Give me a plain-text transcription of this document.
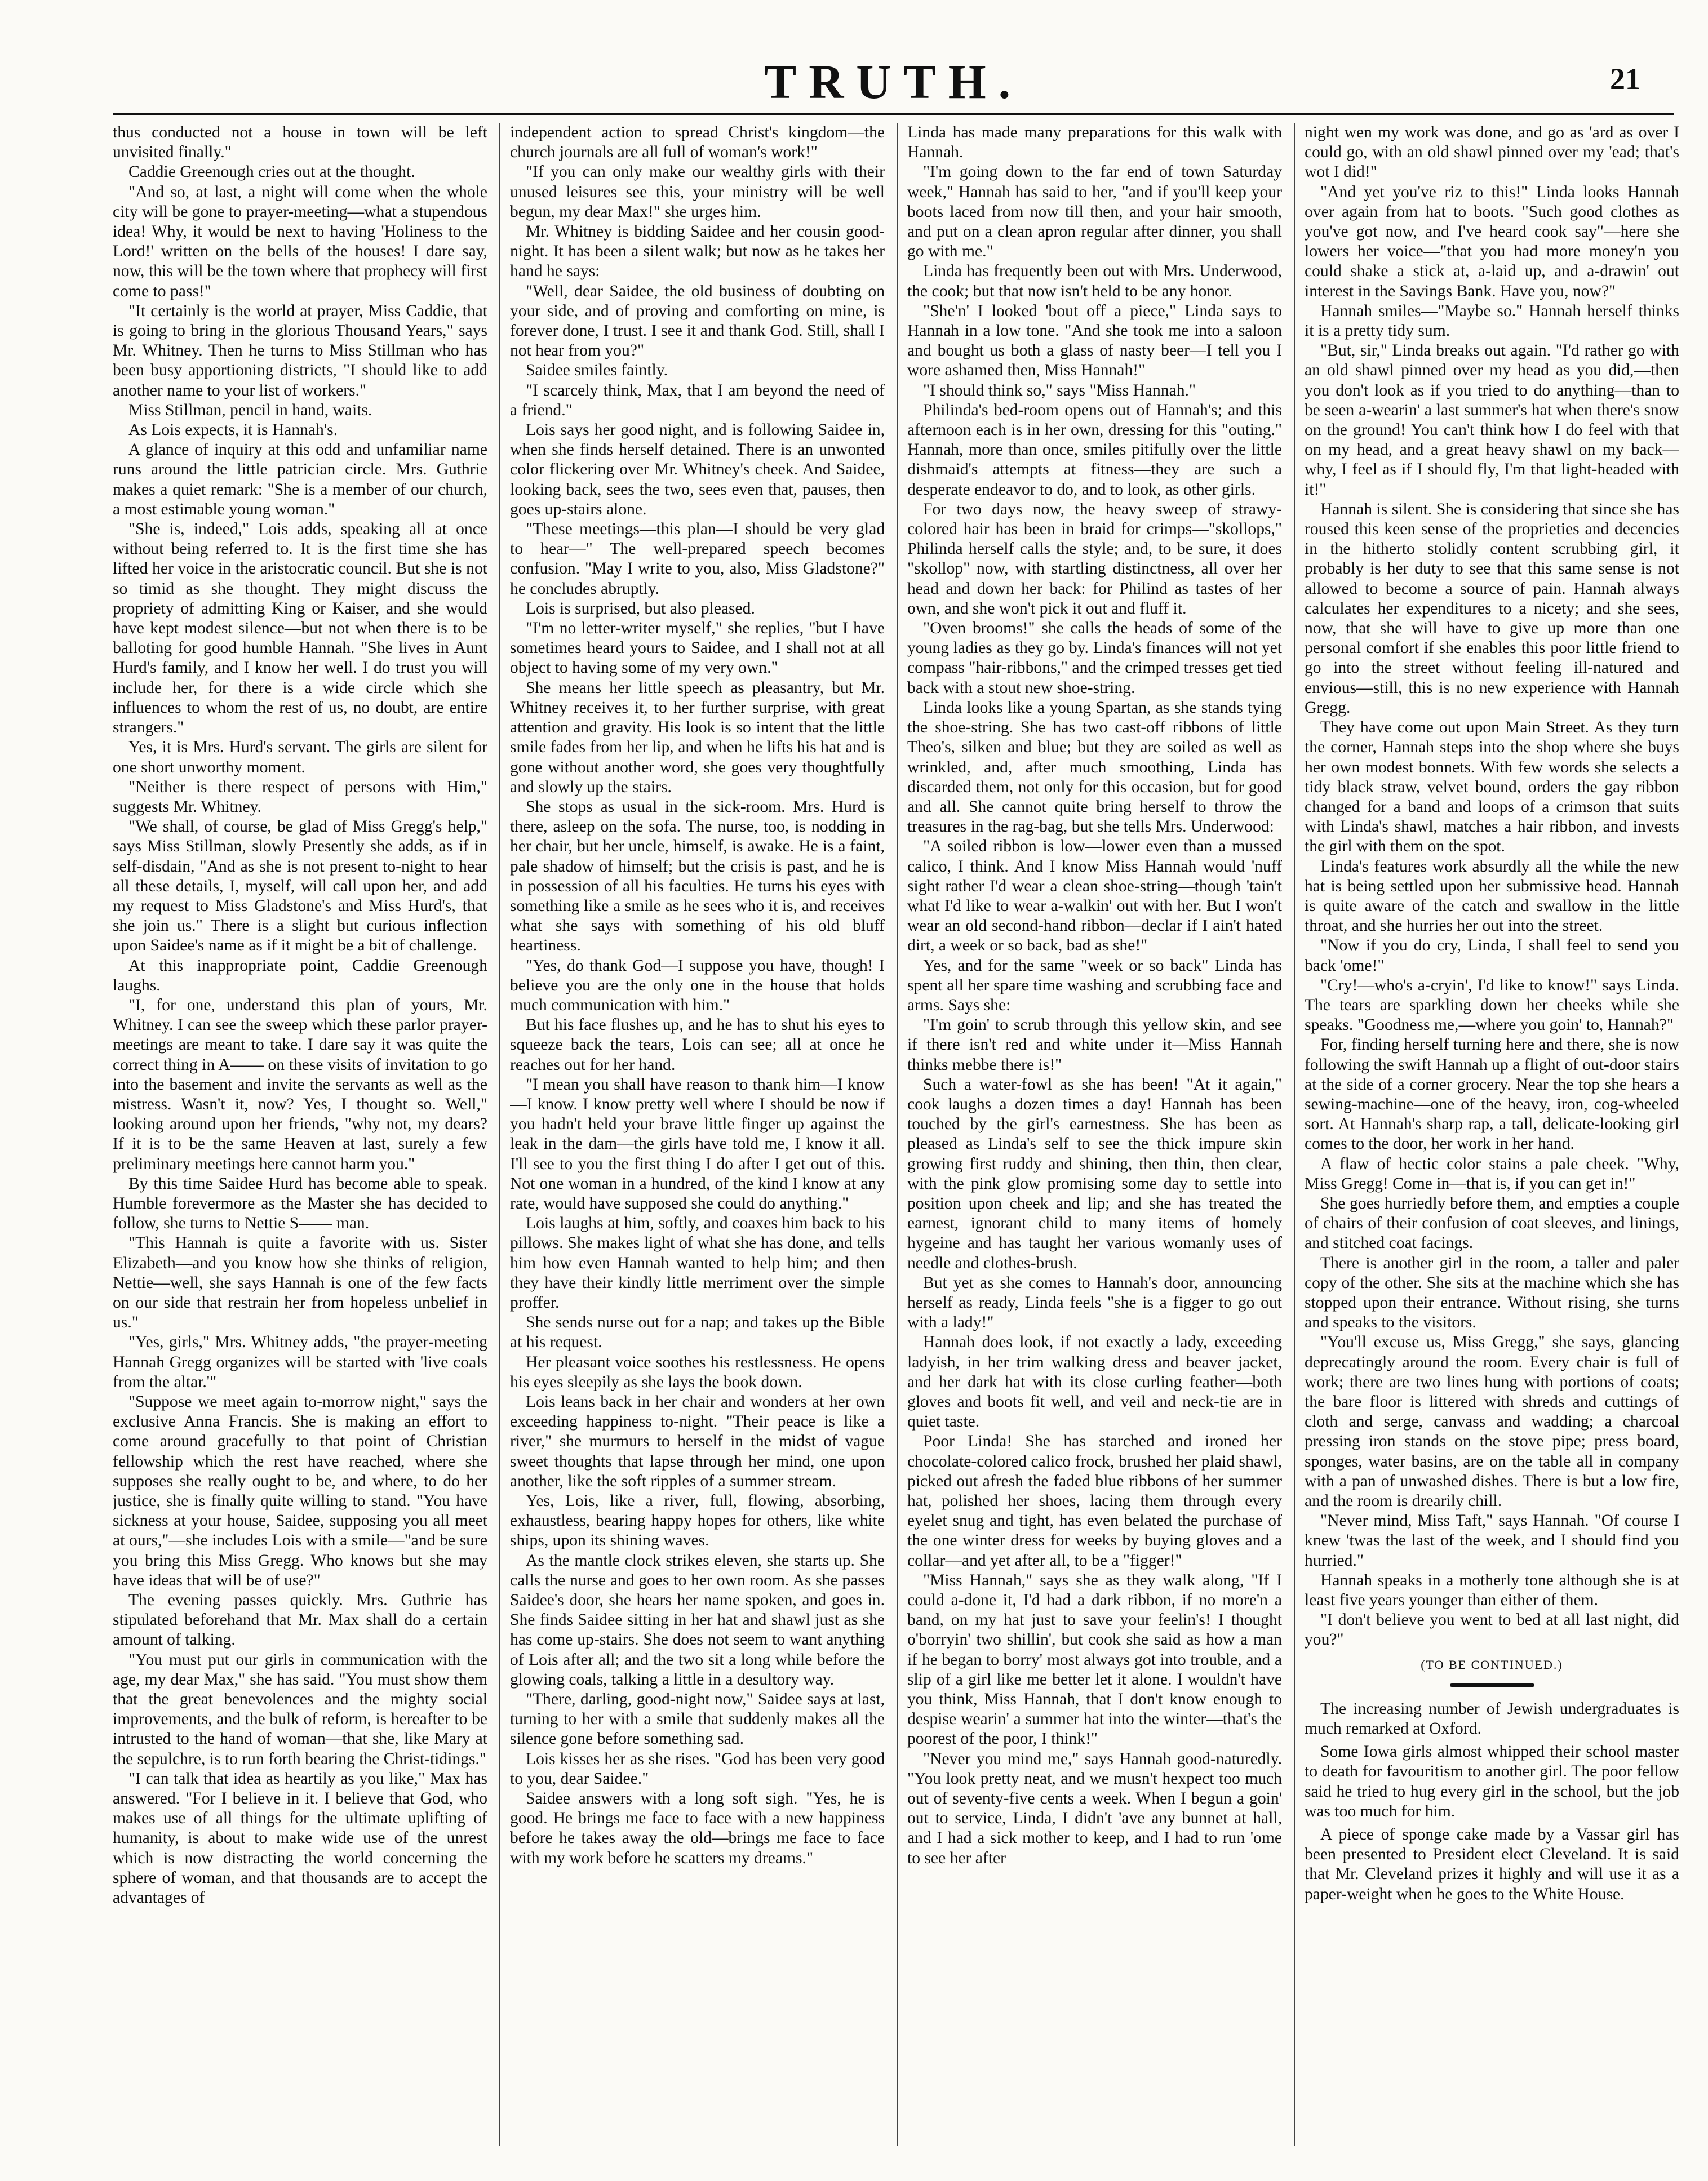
TRUTH.	21

thus conducted not a house in town will be left unvisited finally."

Caddie Greenough cries out at the thought.

"And so, at last, a night will come when the whole city will be gone to prayer-meeting—what a stupendous idea! Why, it would be next to having 'Holiness to the Lord!' written on the bells of the houses! I dare say, now, this will be the town where that prophecy will first come to pass!"

"It certainly is the world at prayer, Miss Caddie, that is going to bring in the glorious Thousand Years," says Mr. Whitney. Then he turns to Miss Stillman who has been busy apportioning districts, "I should like to add another name to your list of workers."

Miss Stillman, pencil in hand, waits.

As Lois expects, it is Hannah's.

A glance of inquiry at this odd and unfamiliar name runs around the little patrician circle. Mrs. Guthrie makes a quiet remark: "She is a member of our church, a most estimable young woman."

"She is, indeed," Lois adds, speaking all at once without being referred to. It is the first time she has lifted her voice in the aristocratic council. But she is not so timid as she thought. They might discuss the propriety of admitting King or Kaiser, and she would have kept modest silence—but not when there is to be balloting for good humble Hannah. "She lives in Aunt Hurd's family, and I know her well. I do trust you will include her, for there is a wide circle which she influences to whom the rest of us, no doubt, are entire strangers."

Yes, it is Mrs. Hurd's servant. The girls are silent for one short unworthy moment.

"Neither is there respect of persons with Him," suggests Mr. Whitney.

"We shall, of course, be glad of Miss Gregg's help," says Miss Stillman, slowly Presently she adds, as if in self-disdain, "And as she is not present to-night to hear all these details, I, myself, will call upon her, and add my request to Miss Gladstone's and Miss Hurd's, that she join us." There is a slight but curious inflection upon Saidee's name as if it might be a bit of challenge.

At this inappropriate point, Caddie Greenough laughs.

"I, for one, understand this plan of yours, Mr. Whitney. I can see the sweep which these parlor prayer-meetings are meant to take. I dare say it was quite the correct thing in A—— on these visits of invitation to go into the basement and invite the servants as well as the mistress. Wasn't it, now? Yes, I thought so. Well," looking around upon her friends, "why not, my dears? If it is to be the same Heaven at last, surely a few preliminary meetings here cannot harm you."

By this time Saidee Hurd has become able to speak. Humble forevermore as the Master she has decided to follow, she turns to Nettie S—— man.

"This Hannah is quite a favorite with us. Sister Elizabeth—and you know how she thinks of religion, Nettie—well, she says Hannah is one of the few facts on our side that restrain her from hopeless unbelief in us."

"Yes, girls," Mrs. Whitney adds, "the prayer-meeting Hannah Gregg organizes will be started with 'live coals from the altar.'"

"Suppose we meet again to-morrow night," says the exclusive Anna Francis. She is making an effort to come around gracefully to that point of Christian fellowship which the rest have reached, where she supposes she really ought to be, and where, to do her justice, she is finally quite willing to stand. "You have sickness at your house, Saidee, supposing you all meet at ours,"—she includes Lois with a smile—"and be sure you bring this Miss Gregg. Who knows but she may have ideas that will be of use?"

The evening passes quickly. Mrs. Guthrie has stipulated beforehand that Mr. Max shall do a certain amount of talking.

"You must put our girls in communication with the age, my dear Max," she has said. "You must show them that the great benevolences and the mighty social improvements, and the bulk of reform, is hereafter to be intrusted to the hand of woman—that she, like Mary at the sepulchre, is to run forth bearing the Christ-tidings."

"I can talk that idea as heartily as you like," Max has answered. "For I believe in it. I believe that God, who makes use of all things for the ultimate uplifting of humanity, is about to make wide use of the unrest which is now distracting the world concerning the sphere of woman, and that thousands are to accept the advantages of

independent action to spread Christ's kingdom—the church journals are all full of woman's work!"

"If you can only make our wealthy girls with their unused leisures see this, your ministry will be well begun, my dear Max!" she urges him.

Mr. Whitney is bidding Saidee and her cousin good-night. It has been a silent walk; but now as he takes her hand he says:

"Well, dear Saidee, the old business of doubting on your side, and of proving and comforting on mine, is forever done, I trust. I see it and thank God. Still, shall I not hear from you?"

Saidee smiles faintly.

"I scarcely think, Max, that I am beyond the need of a friend."

Lois says her good night, and is following Saidee in, when she finds herself detained. There is an unwonted color flickering over Mr. Whitney's cheek. And Saidee, looking back, sees the two, sees even that, pauses, then goes up-stairs alone.

"These meetings—this plan—I should be very glad to hear—" The well-prepared speech becomes confusion. "May I write to you, also, Miss Gladstone?" he concludes abruptly.

Lois is surprised, but also pleased.

"I'm no letter-writer myself," she replies, "but I have sometimes heard yours to Saidee, and I shall not at all object to having some of my very own."

She means her little speech as pleasantry, but Mr. Whitney receives it, to her further surprise, with great attention and gravity. His look is so intent that the little smile fades from her lip, and when he lifts his hat and is gone without another word, she goes very thoughtfully and slowly up the stairs.

She stops as usual in the sick-room. Mrs. Hurd is there, asleep on the sofa. The nurse, too, is nodding in her chair, but her uncle, himself, is awake. He is a faint, pale shadow of himself; but the crisis is past, and he is in possession of all his faculties. He turns his eyes with something like a smile as he sees who it is, and receives what she says with something of his old bluff heartiness.

"Yes, do thank God—I suppose you have, though! I believe you are the only one in the house that holds much communication with him."

But his face flushes up, and he has to shut his eyes to squeeze back the tears, Lois can see; all at once he reaches out for her hand.

"I mean you shall have reason to thank him—I know—I know. I know pretty well where I should be now if you hadn't held your brave little finger up against the leak in the dam—the girls have told me, I know it all. I'll see to you the first thing I do after I get out of this. Not one woman in a hundred, of the kind I know at any rate, would have supposed she could do anything."

Lois laughs at him, softly, and coaxes him back to his pillows. She makes light of what she has done, and tells him how even Hannah wanted to help him; and then they have their kindly little merriment over the simple proffer.

She sends nurse out for a nap; and takes up the Bible at his request.

Her pleasant voice soothes his restlessness. He opens his eyes sleepily as she lays the book down.

Lois leans back in her chair and wonders at her own exceeding happiness to-night. "Their peace is like a river," she murmurs to herself in the midst of vague sweet thoughts that lapse through her mind, one upon another, like the soft ripples of a summer stream.

Yes, Lois, like a river, full, flowing, absorbing, exhaustless, bearing happy hopes for others, like white ships, upon its shining waves.

As the mantle clock strikes eleven, she starts up. She calls the nurse and goes to her own room. As she passes Saidee's door, she hears her name spoken, and goes in. She finds Saidee sitting in her hat and shawl just as she has come up-stairs. She does not seem to want anything of Lois after all; and the two sit a long while before the glowing coals, talking a little in a desultory way.

"There, darling, good-night now," Saidee says at last, turning to her with a smile that suddenly makes all the silence gone before something sad.

Lois kisses her as she rises. "God has been very good to you, dear Saidee."

Saidee answers with a long soft sigh. "Yes, he is good. He brings me face to face with a new happiness before he takes away the old—brings me face to face with my work before he scatters my dreams."

Linda has made many preparations for this walk with Hannah.

"I'm going down to the far end of town Saturday week," Hannah has said to her, "and if you'll keep your boots laced from now till then, and your hair smooth, and put on a clean apron regular after dinner, you shall go with me."

Linda has frequently been out with Mrs. Underwood, the cook; but that now isn't held to be any honor.

"She'n' I looked 'bout off a piece," Linda says to Hannah in a low tone. "And she took me into a saloon and bought us both a glass of nasty beer—I tell you I wore ashamed then, Miss Hannah!"

"I should think so," says "Miss Hannah."

Philinda's bed-room opens out of Hannah's; and this afternoon each is in her own, dressing for this "outing." Hannah, more than once, smiles pitifully over the little dishmaid's attempts at fitness—they are such a desperate endeavor to do, and to look, as other girls.

For two days now, the heavy sweep of strawy-colored hair has been in braid for crimps—"skollops," Philinda herself calls the style; and, to be sure, it does "skollop" now, with startling distinctness, all over her head and down her back: for Philind as tastes of her own, and she won't pick it out and fluff it.

"Oven brooms!" she calls the heads of some of the young ladies as they go by. Linda's finances will not yet compass "hair-ribbons," and the crimped tresses get tied back with a stout new shoe-string.

Linda looks like a young Spartan, as she stands tying the shoe-string. She has two cast-off ribbons of little Theo's, silken and blue; but they are soiled as well as wrinkled, and, after much smoothing, Linda has discarded them, not only for this occasion, but for good and all. She cannot quite bring herself to throw the treasures in the rag-bag, but she tells Mrs. Underwood:

"A soiled ribbon is low—lower even than a mussed calico, I think. And I know Miss Hannah would 'nuff sight rather I'd wear a clean shoe-string—though 'tain't what I'd like to wear a-walkin' out with her. But I won't wear an old second-hand ribbon—declar if I ain't hated dirt, a week or so back, bad as she!"

Yes, and for the same "week or so back" Linda has spent all her spare time washing and scrubbing face and arms. Says she:

"I'm goin' to scrub through this yellow skin, and see if there isn't red and white under it—Miss Hannah thinks mebbe there is!"

Such a water-fowl as she has been! "At it again," cook laughs a dozen times a day! Hannah has been touched by the girl's earnestness. She has been as pleased as Linda's self to see the thick impure skin growing first ruddy and shining, then thin, then clear, with the pink glow promising some day to settle into position upon cheek and lip; and she has treated the earnest, ignorant child to many items of homely hygeine and has taught her various womanly uses of needle and clothes-brush.

But yet as she comes to Hannah's door, announcing herself as ready, Linda feels "she is a figger to go out with a lady!"

Hannah does look, if not exactly a lady, exceeding ladyish, in her trim walking dress and beaver jacket, and her dark hat with its close curling feather—both gloves and boots fit well, and veil and neck-tie are in quiet taste.

Poor Linda! She has starched and ironed her chocolate-colored calico frock, brushed her plaid shawl, picked out afresh the faded blue ribbons of her summer hat, polished her shoes, lacing them through every eyelet snug and tight, has even belated the purchase of the one winter dress for weeks by buying gloves and a collar—and yet after all, to be a "figger!"

"Miss Hannah," says she as they walk along, "If I could a-done it, I'd had a dark ribbon, if no more'n a band, on my hat just to save your feelin's! I thought o'borryin' two shillin', but cook she said as how a man if he began to borry' most always got into trouble, and a slip of a girl like me better let it alone. I wouldn't have you think, Miss Hannah, that I don't know enough to despise wearin' a summer hat into the winter—that's the poorest of the poor, I think!"

"Never you mind me," says Hannah good-naturedly. "You look pretty neat, and we musn't hexpect too much out of seventy-five cents a week. When I begun a goin' out to service, Linda, I didn't 'ave any bunnet at hall, and I had a sick mother to keep, and I had to run 'ome to see her after

night wen my work was done, and go as 'ard as over I could go, with an old shawl pinned over my 'ead; that's wot I did!"

"And yet you've riz to this!" Linda looks Hannah over again from hat to boots. "Such good clothes as you've got now, and I've heard cook say"—here she lowers her voice—"that you had more money'n you could shake a stick at, a-laid up, and a-drawin' out interest in the Savings Bank. Have you, now?"

Hannah smiles—"Maybe so." Hannah herself thinks it is a pretty tidy sum.

"But, sir," Linda breaks out again. "I'd rather go with an old shawl pinned over my head as you did,—then you don't look as if you tried to do anything—than to be seen a-wearin' a last summer's hat when there's snow on the ground! You can't think how I do feel with that on my head, and a great heavy shawl on my back—why, I feel as if I should fly, I'm that light-headed with it!"

Hannah is silent. She is considering that since she has roused this keen sense of the proprieties and decencies in the hitherto stolidly content scrubbing girl, it probably is her duty to see that this same sense is not allowed to become a source of pain. Hannah always calculates her expenditures to a nicety; and she sees, now, that she will have to give up more than one personal comfort if she enables this poor little friend to go into the street without feeling ill-natured and envious—still, this is no new experience with Hannah Gregg.

They have come out upon Main Street. As they turn the corner, Hannah steps into the shop where she buys her own modest bonnets. With few words she selects a tidy black straw, velvet bound, orders the gay ribbon changed for a band and loops of a crimson that suits with Linda's shawl, matches a hair ribbon, and invests the girl with them on the spot.

Linda's features work absurdly all the while the new hat is being settled upon her submissive head. Hannah is quite aware of the catch and swallow in the little throat, and she hurries her out into the street.

"Now if you do cry, Linda, I shall feel to send you back 'ome!"

"Cry!—who's a-cryin', I'd like to know!" says Linda. The tears are sparkling down her cheeks while she speaks. "Goodness me,—where you goin' to, Hannah?"

For, finding herself turning here and there, she is now following the swift Hannah up a flight of out-door stairs at the side of a corner grocery. Near the top she hears a sewing-machine—one of the heavy, iron, cog-wheeled sort. At Hannah's sharp rap, a tall, delicate-looking girl comes to the door, her work in her hand.

A flaw of hectic color stains a pale cheek. "Why, Miss Gregg! Come in—that is, if you can get in!"

She goes hurriedly before them, and empties a couple of chairs of their confusion of coat sleeves, and linings, and stitched coat facings.

There is another girl in the room, a taller and paler copy of the other. She sits at the machine which she has stopped upon their entrance. Without rising, she turns and speaks to the visitors.

"You'll excuse us, Miss Gregg," she says, glancing deprecatingly around the room. Every chair is full of work; there are two lines hung with portions of coats; the bare floor is littered with shreds and cuttings of cloth and serge, canvass and wadding; a charcoal pressing iron stands on the stove pipe; press board, sponges, water basins, are on the table all in company with a pan of unwashed dishes. There is but a low fire, and the room is drearily chill.

"Never mind, Miss Taft," says Hannah. "Of course I knew 'twas the last of the week, and I should find you hurried."

Hannah speaks in a motherly tone although she is at least five years younger than either of them.

"I don't believe you went to bed at all last night, did you?"

(TO BE CONTINUED.)

The increasing number of Jewish undergraduates is much remarked at Oxford.

Some Iowa girls almost whipped their school master to death for favouritism to another girl. The poor fellow said he tried to hug every girl in the school, but the job was too much for him.

A piece of sponge cake made by a Vassar girl has been presented to President elect Cleveland. It is said that Mr. Cleveland prizes it highly and will use it as a paper-weight when he goes to the White House.
